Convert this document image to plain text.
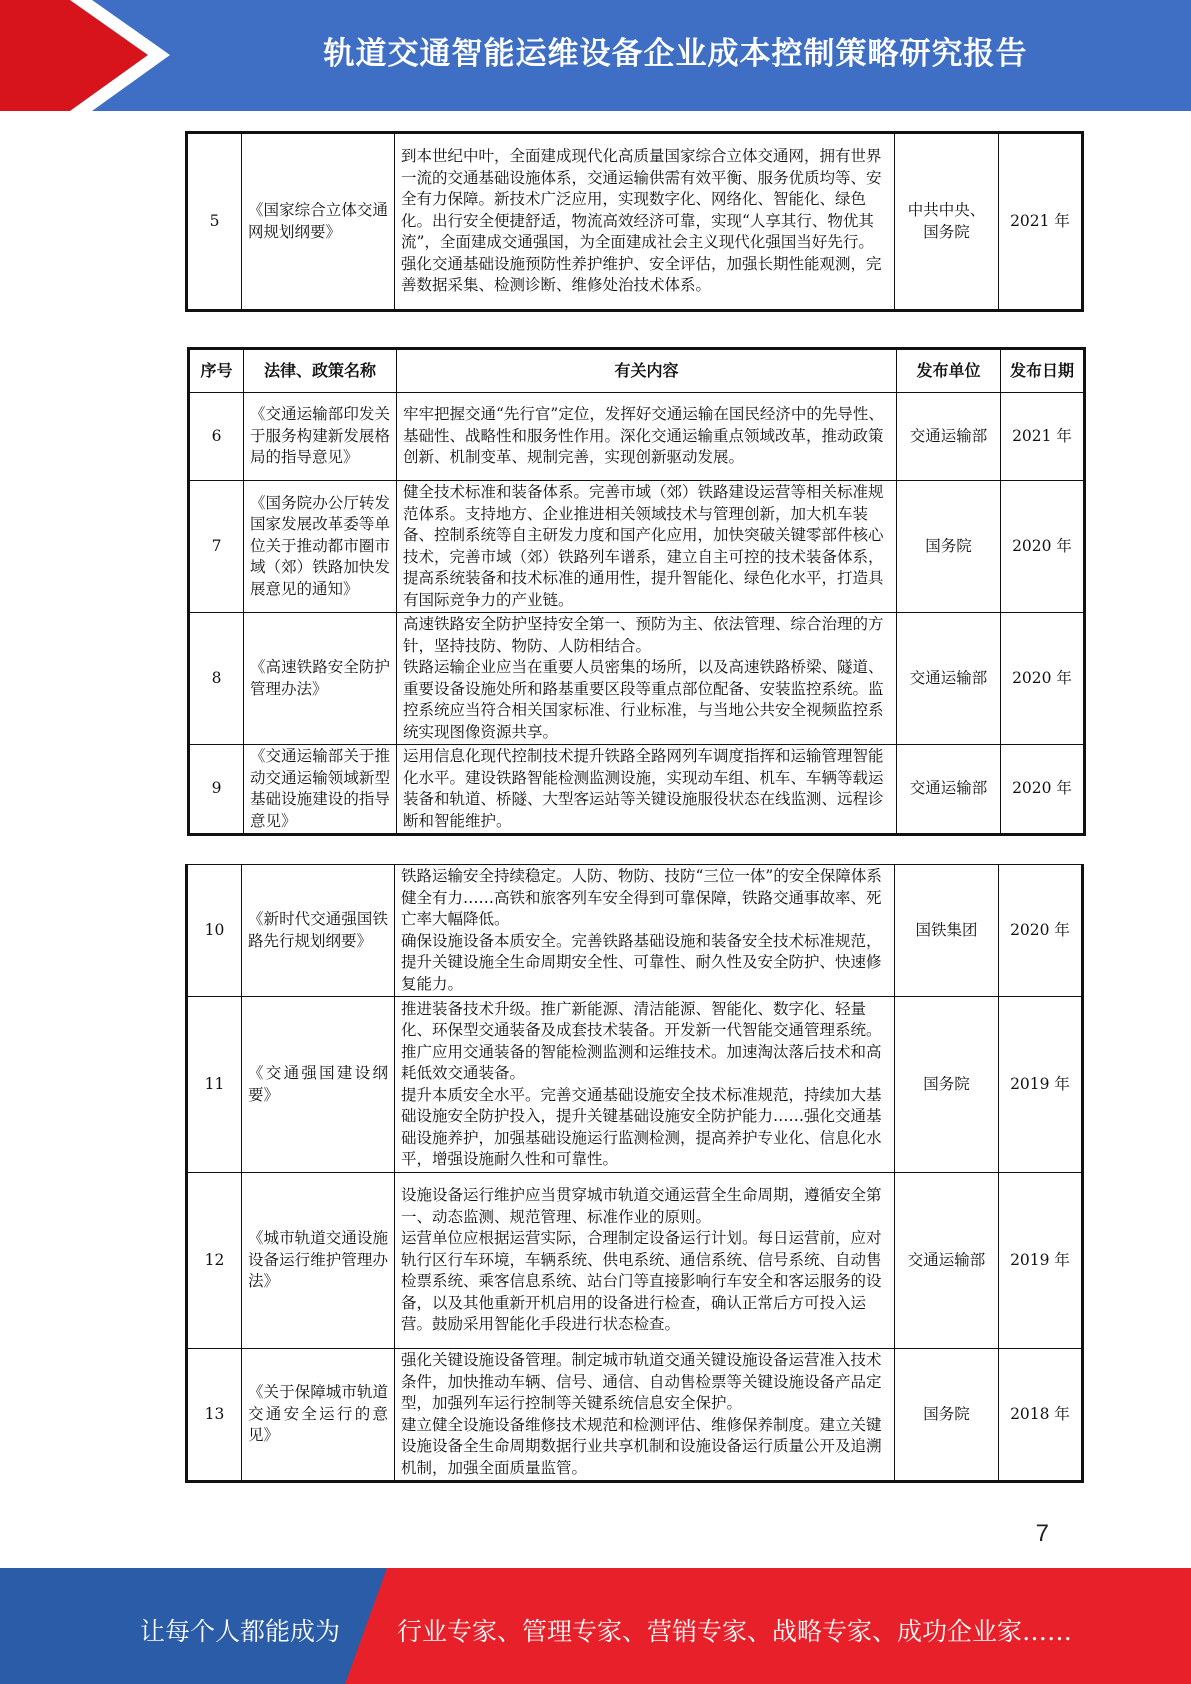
轨道交通智能运维设备企业成本控制策略研究报告
5	《国家综合立体交通网规划纲要》	
到本世纪中叶，全面建成现代化高质量国家综合立体交通网，拥有世界一流的交通基础设施体系，交通运输供需有效平衡、服务优质均等、安全有力保障。新技术广泛应用，实现数字化、网络化、智能化、绿色化。出行安全便捷舒适，物流高效经济可靠，实现“人享其行、物优其流”，全面建成交通强国，为全面建成社会主义现代化强国当好先行。
强化交通基础设施预防性养护维护、安全评估，加强长期性能观测，完善数据采集、检测诊断、维修处治技术体系。
	中共中央、国务院	2021 年
序号	法律、政策名称	有关内容	发布单位	发布日期
6	《交通运输部印发关于服务构建新发展格局的指导意见》	牢牢把握交通“先行官”定位，发挥好交通运输在国民经济中的先导性、基础性、战略性和服务性作用。深化交通运输重点领域改革，推动政策创新、机制变革、规制完善，实现创新驱动发展。	交通运输部	2021 年
7	《国务院办公厅转发国家发展改革委等单位关于推动都市圈市域（郊）铁路加快发展意见的通知》	健全技术标准和装备体系。完善市域（郊）铁路建设运营等相关标准规范体系。支持地方、企业推进相关领域技术与管理创新，加大机车装备、控制系统等自主研发力度和国产化应用，加快突破关键零部件核心技术，完善市域（郊）铁路列车谱系，建立自主可控的技术装备体系，提高系统装备和技术标准的通用性，提升智能化、绿色化水平，打造具有国际竞争力的产业链。	国务院	2020 年
8	《高速铁路安全防护管理办法》	高速铁路安全防护坚持安全第一、预防为主、依法管理、综合治理的方针，坚持技防、物防、人防相结合。
铁路运输企业应当在重要人员密集的场所，以及高速铁路桥梁、隧道、重要设备设施处所和路基重要区段等重点部位配备、安装监控系统。监控系统应当符合相关国家标准、行业标准，与当地公共安全视频监控系统实现图像资源共享。	交通运输部	2020 年
9	《交通运输部关于推动交通运输领域新型基础设施建设的指导意见》	运用信息化现代控制技术提升铁路全路网列车调度指挥和运输管理智能化水平。建设铁路智能检测监测设施，实现动车组、机车、车辆等载运装备和轨道、桥隧、大型客运站等关键设施服役状态在线监测、远程诊断和智能维护。	交通运输部	2020 年
10	《新时代交通强国铁路先行规划纲要》	铁路运输安全持续稳定。人防、物防、技防“三位一体”的安全保障体系健全有力……高铁和旅客列车安全得到可靠保障，铁路交通事故率、死亡率大幅降低。
确保设施设备本质安全。完善铁路基础设施和装备安全技术标准规范，提升关键设施全生命周期安全性、可靠性、耐久性及安全防护、快速修复能力。	国铁集团	2020 年
11	《交通强国建设纲要》	推进装备技术升级。推广新能源、清洁能源、智能化、数字化、轻量化、环保型交通装备及成套技术装备。开发新一代智能交通管理系统。推广应用交通装备的智能检测监测和运维技术。加速淘汰落后技术和高耗低效交通装备。
提升本质安全水平。完善交通基础设施安全技术标准规范，持续加大基础设施安全防护投入，提升关键基础设施安全防护能力……强化交通基础设施养护，加强基础设施运行监测检测，提高养护专业化、信息化水平，增强设施耐久性和可靠性。	国务院	2019 年
12	《城市轨道交通设施设备运行维护管理办法》	设施设备运行维护应当贯穿城市轨道交通运营全生命周期，遵循安全第一、动态监测、规范管理、标准作业的原则。
运营单位应根据运营实际，合理制定设备运行计划。每日运营前，应对轨行区行车环境，车辆系统、供电系统、通信系统、信号系统、自动售检票系统、乘客信息系统、站台门等直接影响行车安全和客运服务的设备，以及其他重新开机启用的设备进行检查，确认正常后方可投入运营。鼓励采用智能化手段进行状态检查。	交通运输部	2019 年
13	《关于保障城市轨道交通安全运行的意见》	强化关键设施设备管理。制定城市轨道交通关键设施设备运营准入技术条件，加快推动车辆、信号、通信、自动售检票等关键设施设备产品定型，加强列车运行控制等关键系统信息安全保护。
建立健全设施设备维修技术规范和检测评估、维修保养制度。建立关键设施设备全生命周期数据行业共享机制和设施设备运行质量公开及追溯机制，加强全面质量监管。	国务院	2018 年
7
让每个人都能成为 行业专家、管理专家、营销专家、战略专家、成功企业家……
